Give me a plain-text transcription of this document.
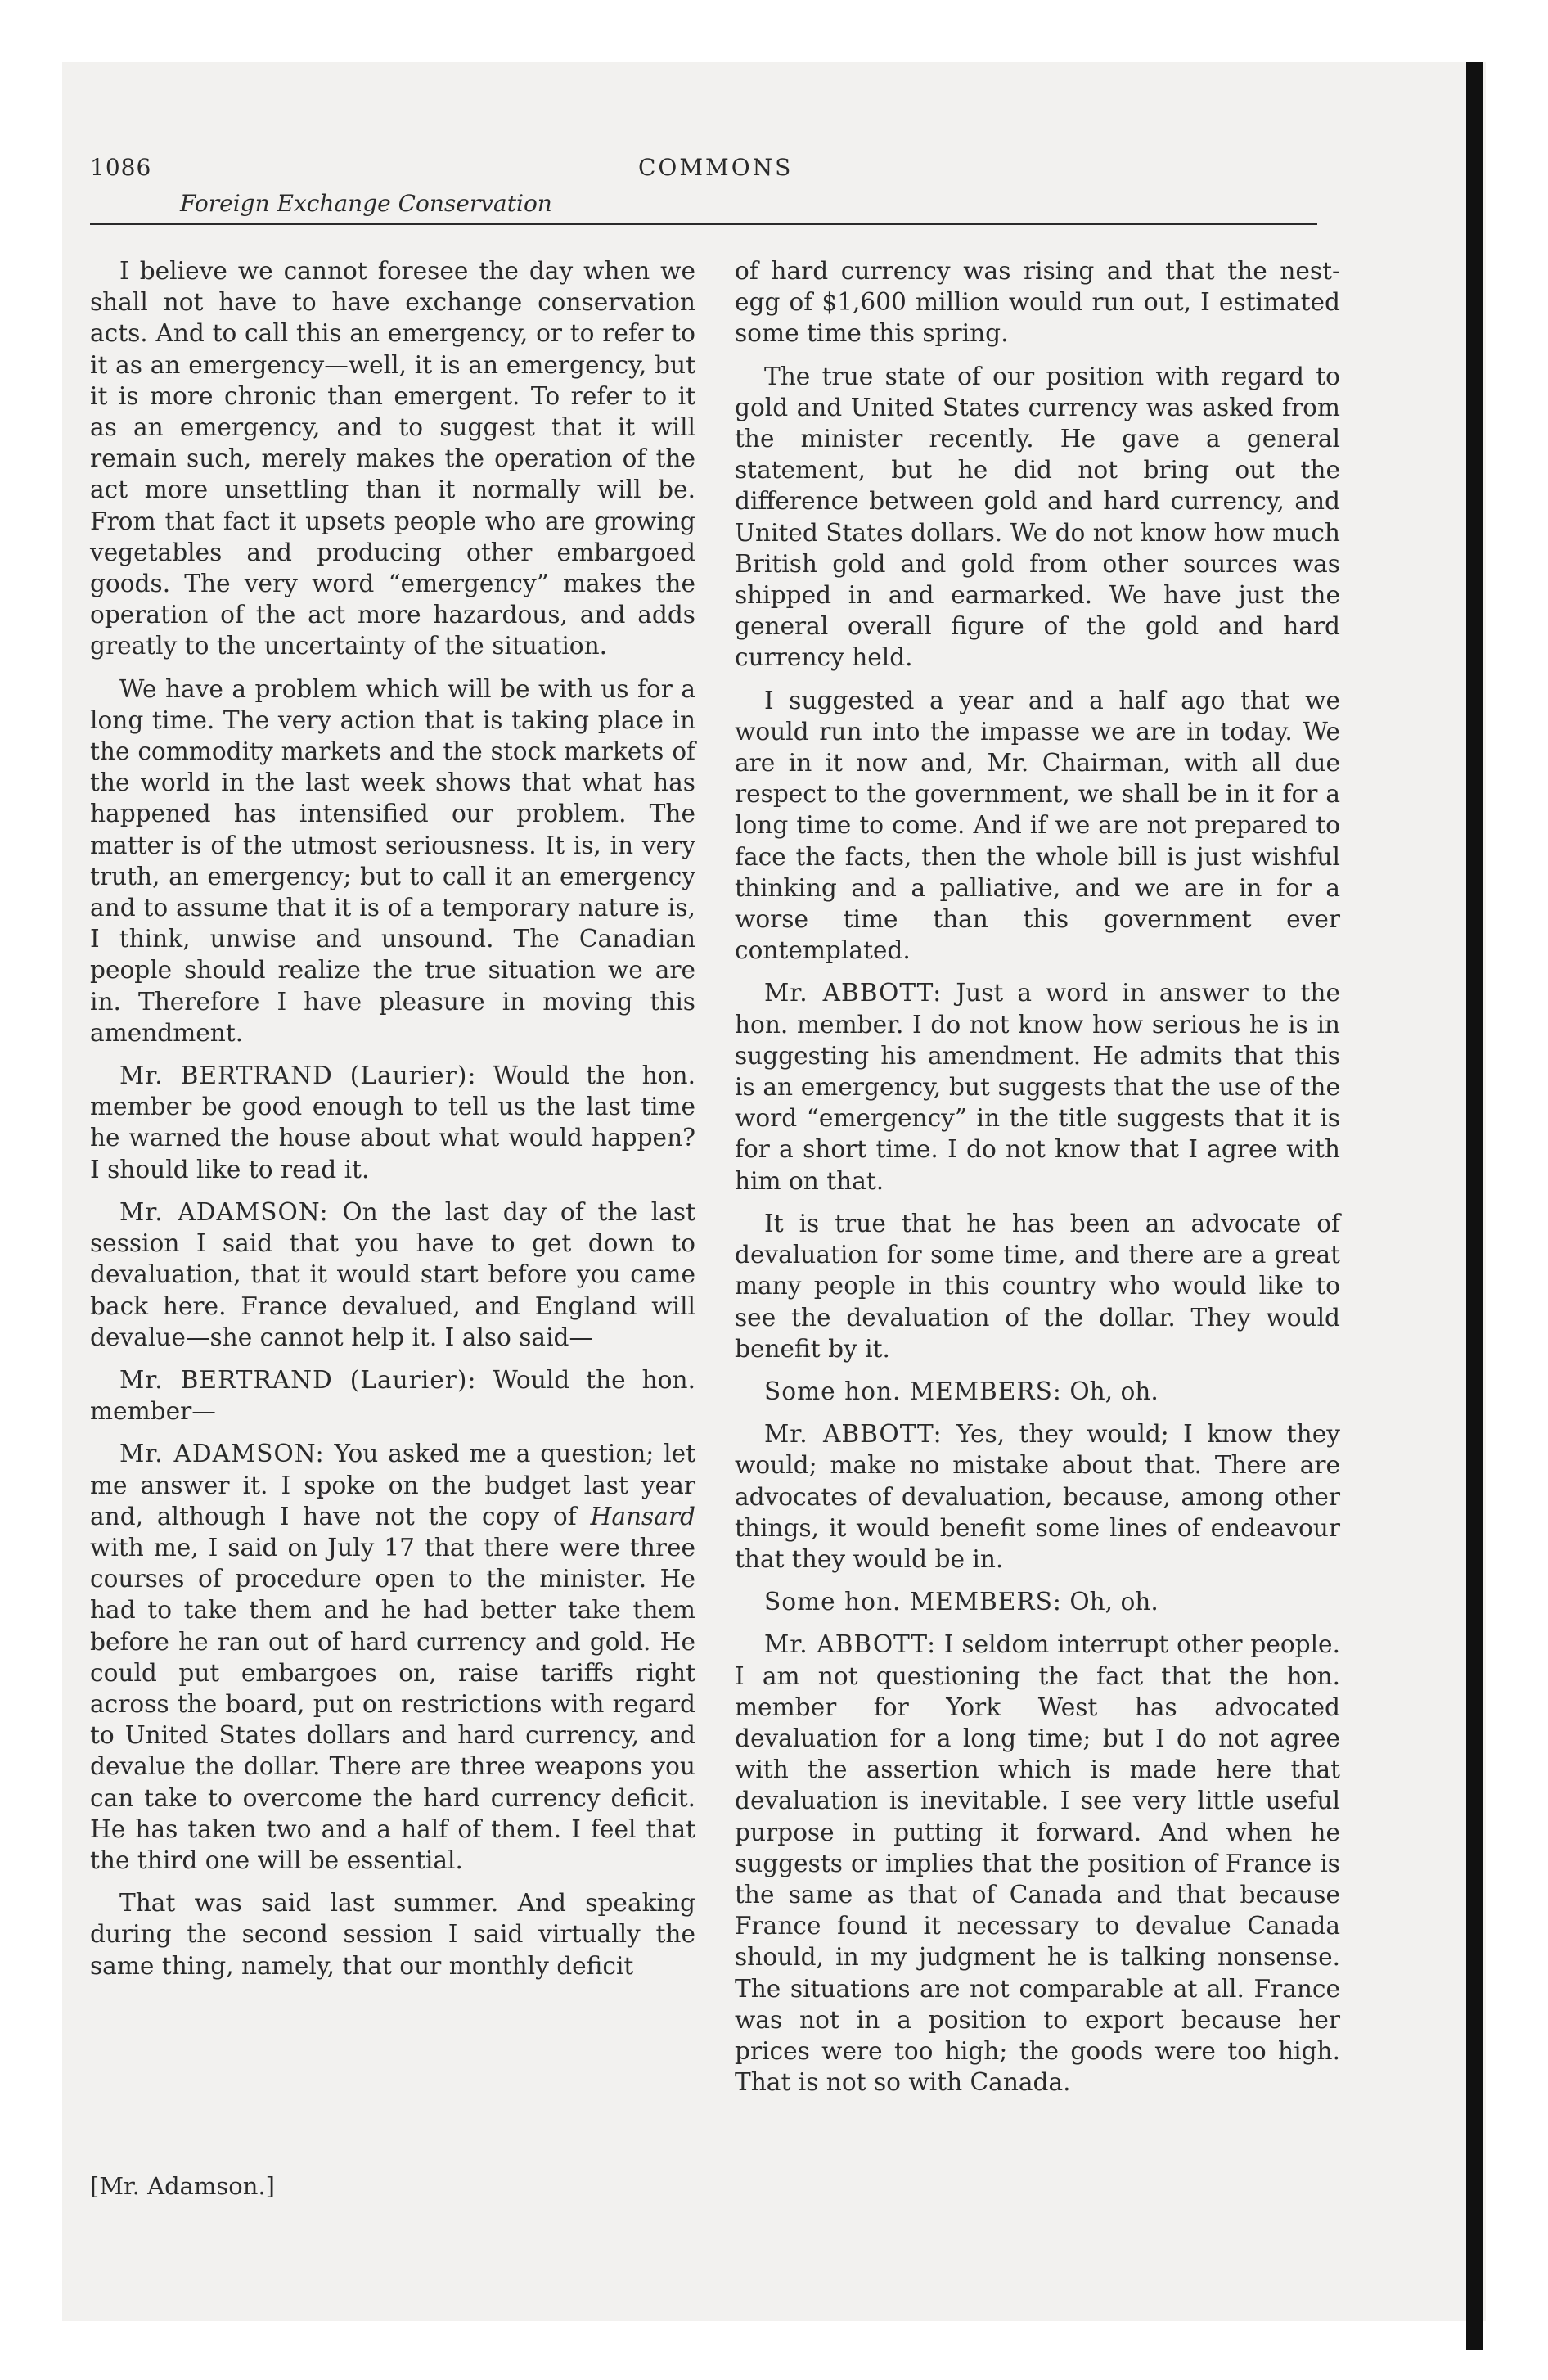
1086	COMMONS
Foreign Exchange Conservation

I believe we cannot foresee the day when we shall not have to have exchange conservation acts. And to call this an emergency, or to refer to it as an emergency—well, it is an emergency, but it is more chronic than emergent. To refer to it as an emergency, and to suggest that it will remain such, merely makes the operation of the act more unsettling than it normally will be. From that fact it upsets people who are growing vegetables and producing other embargoed goods. The very word “emergency” makes the operation of the act more hazardous, and adds greatly to the uncertainty of the situation.

We have a problem which will be with us for a long time. The very action that is taking place in the commodity markets and the stock markets of the world in the last week shows that what has happened has intensified our problem. The matter is of the utmost seriousness. It is, in very truth, an emergency; but to call it an emergency and to assume that it is of a temporary nature is, I think, unwise and unsound. The Canadian people should realize the true situation we are in. Therefore I have pleasure in moving this amendment.

Mr. BERTRAND (Laurier): Would the hon. member be good enough to tell us the last time he warned the house about what would happen? I should like to read it.

Mr. ADAMSON: On the last day of the last session I said that you have to get down to devaluation, that it would start before you came back here. France devalued, and England will devalue—she cannot help it. I also said—

Mr. BERTRAND (Laurier): Would the hon. member—

Mr. ADAMSON: You asked me a question; let me answer it. I spoke on the budget last year and, although I have not the copy of Hansard with me, I said on July 17 that there were three courses of procedure open to the minister. He had to take them and he had better take them before he ran out of hard currency and gold. He could put embargoes on, raise tariffs right across the board, put on restrictions with regard to United States dollars and hard currency, and devalue the dollar. There are three weapons you can take to overcome the hard currency deficit. He has taken two and a half of them. I feel that the third one will be essential.

That was said last summer. And speaking during the second session I said virtually the same thing, namely, that our monthly deficit

[Mr. Adamson.]

of hard currency was rising and that the nest-egg of $1,600 million would run out, I estimated some time this spring.

The true state of our position with regard to gold and United States currency was asked from the minister recently. He gave a general statement, but he did not bring out the difference between gold and hard currency, and United States dollars. We do not know how much British gold and gold from other sources was shipped in and earmarked. We have just the general overall figure of the gold and hard currency held.

I suggested a year and a half ago that we would run into the impasse we are in today. We are in it now and, Mr. Chairman, with all due respect to the government, we shall be in it for a long time to come. And if we are not prepared to face the facts, then the whole bill is just wishful thinking and a palliative, and we are in for a worse time than this government ever contemplated.

Mr. ABBOTT: Just a word in answer to the hon. member. I do not know how serious he is in suggesting his amendment. He admits that this is an emergency, but suggests that the use of the word “emergency” in the title suggests that it is for a short time. I do not know that I agree with him on that.

It is true that he has been an advocate of devaluation for some time, and there are a great many people in this country who would like to see the devaluation of the dollar. They would benefit by it.

Some hon. MEMBERS: Oh, oh.

Mr. ABBOTT: Yes, they would; I know they would; make no mistake about that. There are advocates of devaluation, because, among other things, it would benefit some lines of endeavour that they would be in.

Some hon. MEMBERS: Oh, oh.

Mr. ABBOTT: I seldom interrupt other people. I am not questioning the fact that the hon. member for York West has advocated devaluation for a long time; but I do not agree with the assertion which is made here that devaluation is inevitable. I see very little useful purpose in putting it forward. And when he suggests or implies that the position of France is the same as that of Canada and that because France found it necessary to devalue Canada should, in my judgment he is talking nonsense. The situations are not comparable at all. France was not in a position to export because her prices were too high; the goods were too high. That is not so with Canada.
